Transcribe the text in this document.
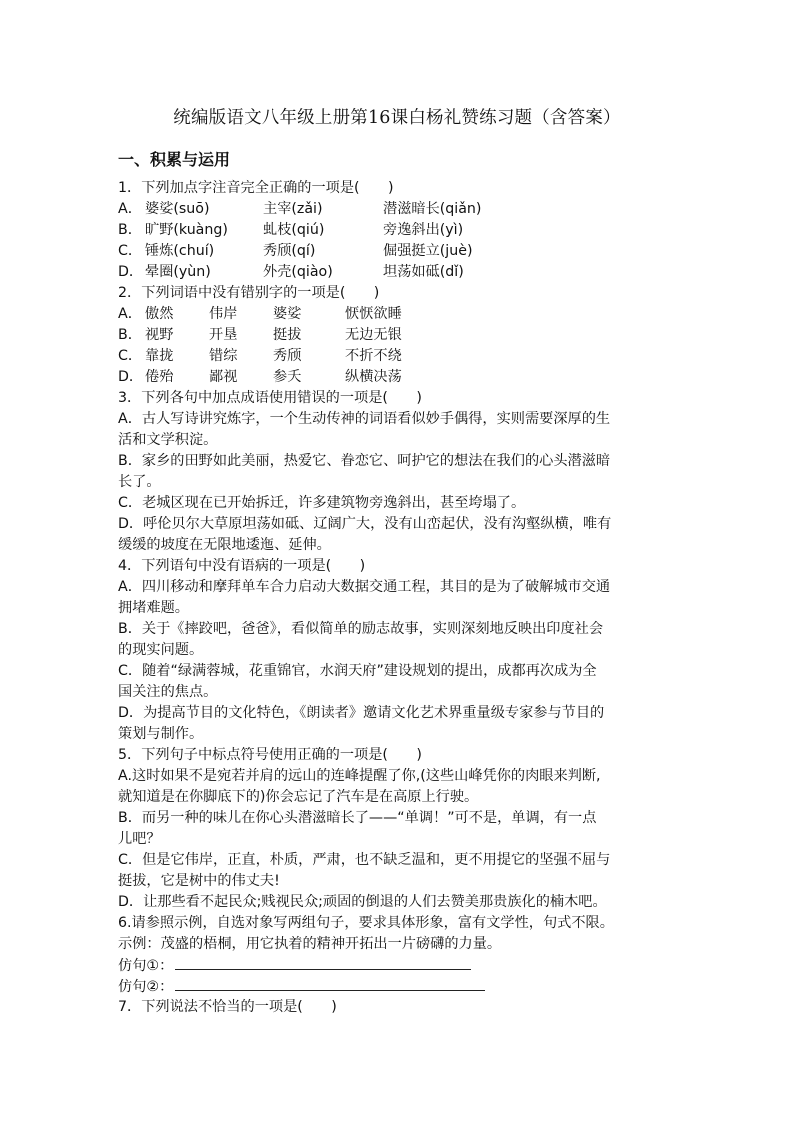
统编版语文八年级上册第16课白杨礼赞练习题（含答案）
一、积累与运用
1．下列加点字注音完全正确的一项是(　　)
A． 婆娑(suō)	主宰(zǎi)	潜滋暗长(qiǎn)
B． 旷野(kuàng)	虬枝(qiú)	旁逸斜出(yì)
C． 锤炼(chuí)	秀颀(qí)	倔强挺立(juè)
D． 晕圈(yùn)	外壳(qiào)	坦荡如砥(dǐ)
2．下列词语中没有错别字的一项是(　　)
A． 傲然	伟岸	婆娑	恹恹欲睡
B． 视野	开垦	挺拔	无边无银
C． 靠拢	错综	秀颀	不折不绕
D． 倦殆	鄙视	参夭	纵横决荡
3．下列各句中加点成语使用错误的一项是(　　)
A．古人写诗讲究炼字，一个生动传神的词语看似妙手偶得，实则需要深厚的生
活和文学积淀。
B．家乡的田野如此美丽，热爱它、眷恋它、呵护它的想法在我们的心头潜滋暗
长了。
C．老城区现在已开始拆迁，许多建筑物旁逸斜出，甚至垮塌了。
D．呼伦贝尔大草原坦荡如砥、辽阔广大，没有山峦起伏，没有沟壑纵横，唯有
缓缓的坡度在无限地逶迤、延伸。
4．下列语句中没有语病的一项是(　　)
A．四川移动和摩拜单车合力启动大数据交通工程，其目的是为了破解城市交通
拥堵难题。
B．关于《摔跤吧，爸爸》，看似简单的励志故事，实则深刻地反映出印度社会
的现实问题。
C．随着“绿满蓉城，花重锦官，水润天府”建设规划的提出，成都再次成为全
国关注的焦点。
D．为提高节目的文化特色，《朗读者》邀请文化艺术界重量级专家参与节目的
策划与制作。
5．下列句子中标点符号使用正确的一项是(　　)
A.这时如果不是宛若并肩的远山的连峰提醒了你,(这些山峰凭你的肉眼来判断,
就知道是在你脚底下的)你会忘记了汽车是在高原上行驶。
B．而另一种的味儿在你心头潜滋暗长了——“单调！”可不是，单调，有一点
儿吧？
C．但是它伟岸，正直，朴质，严肃，也不缺乏温和，更不用提它的坚强不屈与
挺拔，它是树中的伟丈夫!
D．让那些看不起民众;贱视民众;顽固的倒退的人们去赞美那贵族化的楠木吧。
6.请参照示例，自选对象写两组句子，要求具体形象，富有文学性，句式不限。
示例：茂盛的梧桐，用它执着的精神开拓出一片磅礴的力量。
仿句①：
仿句②：
7．下列说法不恰当的一项是(　　)
